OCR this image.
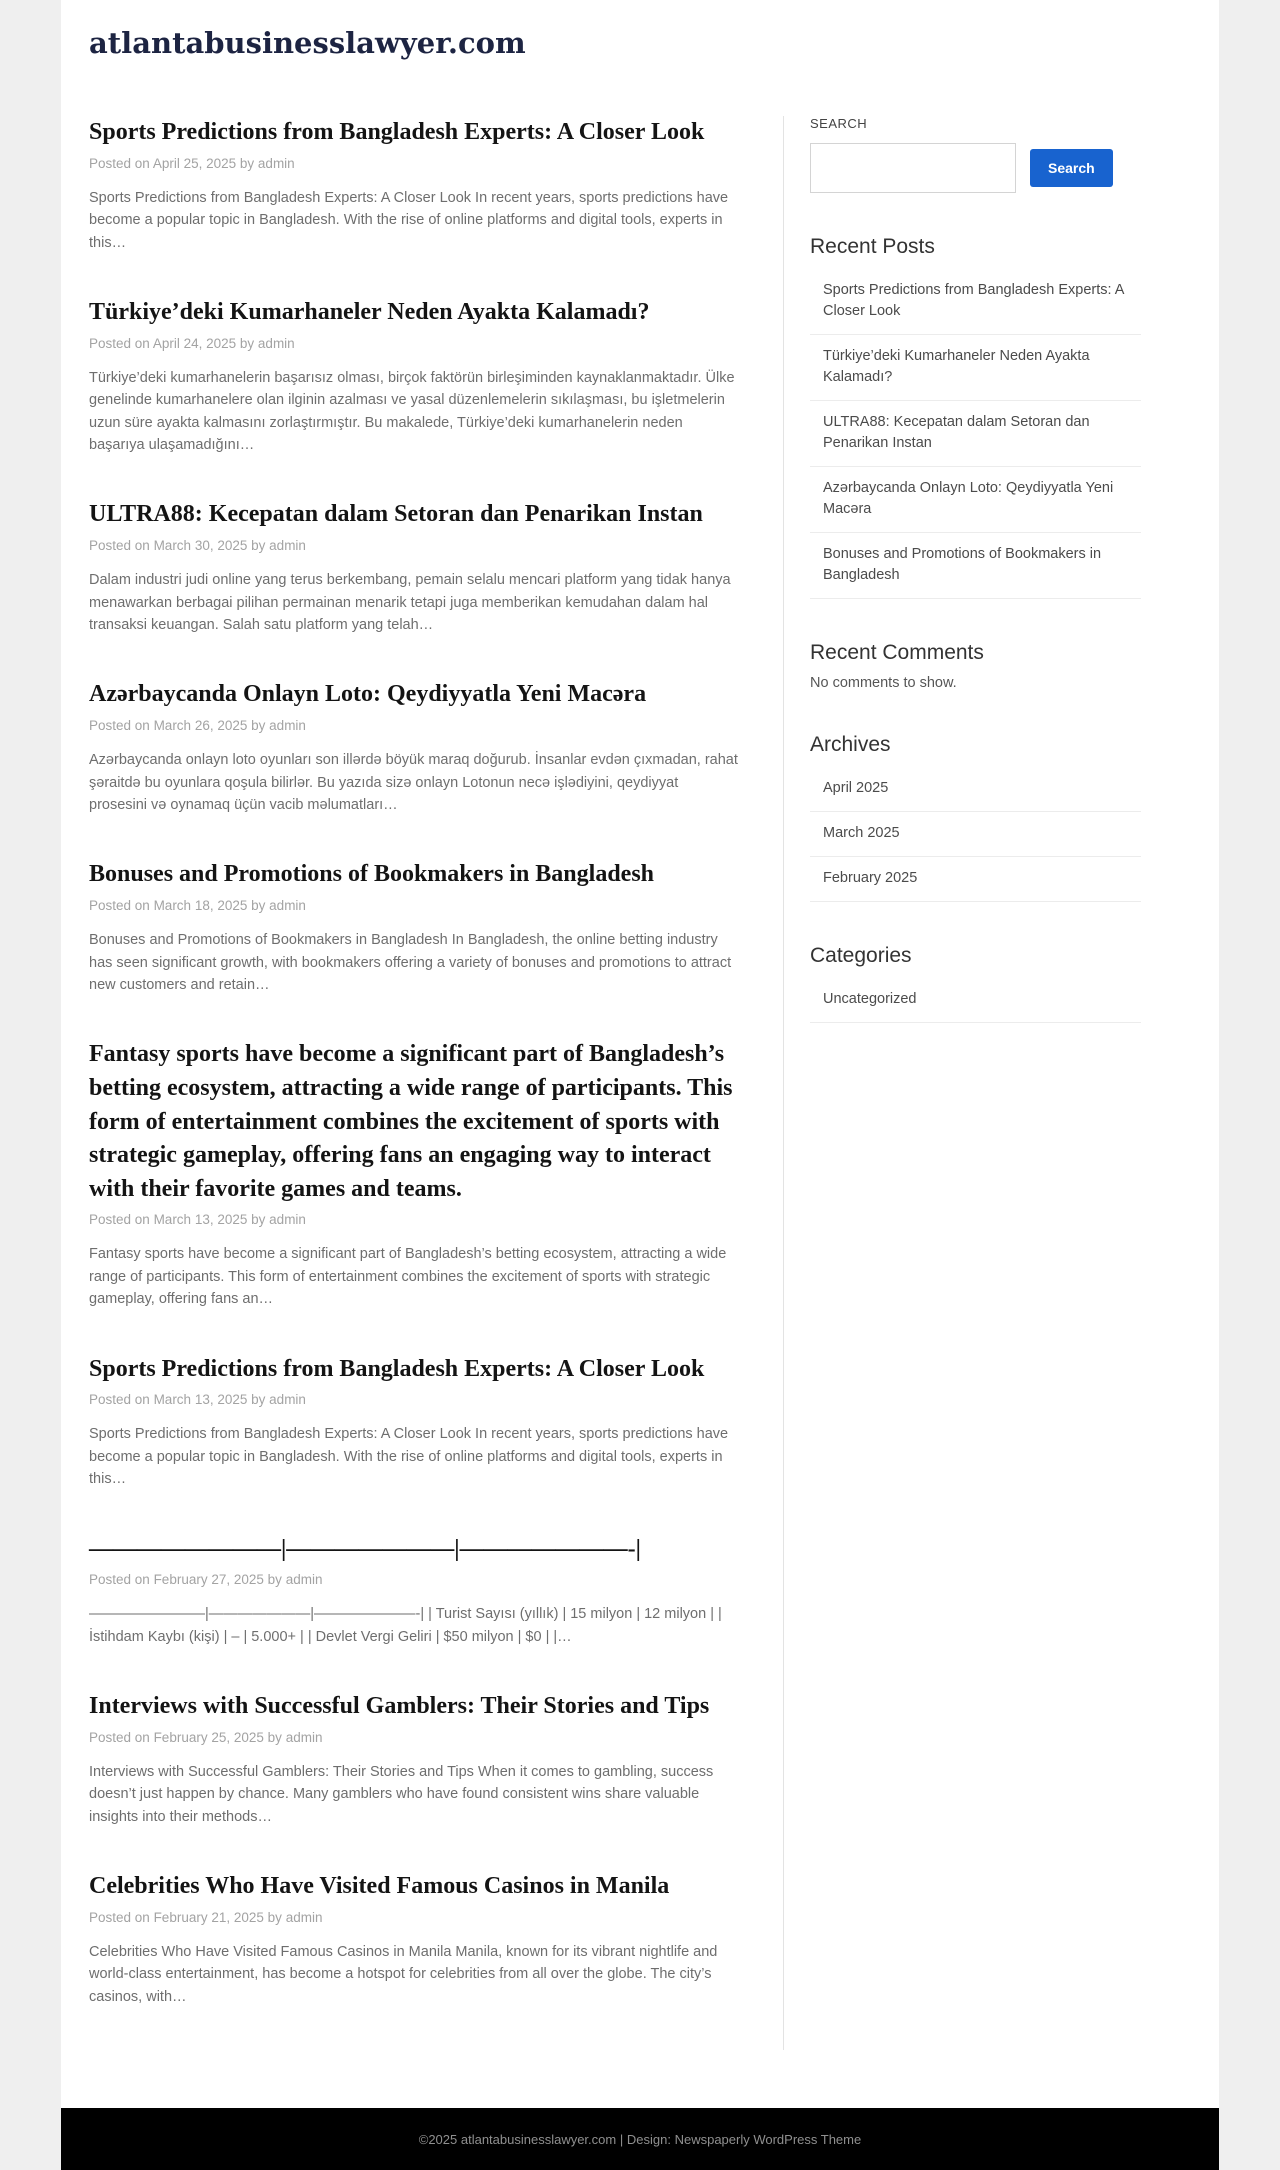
atlantabusinesslawyer.com
Sports Predictions from Bangladesh Experts: A Closer Look
Posted on April 25, 2025 by admin

Sports Predictions from Bangladesh Experts: A Closer Look In recent years, sports predictions have become a popular topic in Bangladesh. With the rise of online platforms and digital tools, experts in this…

Türkiye’deki Kumarhaneler Neden Ayakta Kalamadı?
Posted on April 24, 2025 by admin

Türkiye’deki kumarhanelerin başarısız olması, birçok faktörün birleşiminden kaynaklanmaktadır. Ülke genelinde kumarhanelere olan ilginin azalması ve yasal düzenlemelerin sıkılaşması, bu işletmelerin uzun süre ayakta kalmasını zorlaştırmıştır. Bu makalede, Türkiye’deki kumarhanelerin neden başarıya ulaşamadığını…

ULTRA88: Kecepatan dalam Setoran dan Penarikan Instan
Posted on March 30, 2025 by admin

Dalam industri judi online yang terus berkembang, pemain selalu mencari platform yang tidak hanya menawarkan berbagai pilihan permainan menarik tetapi juga memberikan kemudahan dalam hal transaksi keuangan. Salah satu platform yang telah…

Azərbaycanda Onlayn Loto: Qeydiyyatla Yeni Macəra
Posted on March 26, 2025 by admin

Azərbaycanda onlayn loto oyunları son illərdə böyük maraq doğurub. İnsanlar evdən çıxmadan, rahat şəraitdə bu oyunlara qoşula bilirlər. Bu yazıda sizə onlayn Lotonun necə işlədiyini, qeydiyyat prosesini və oynamaq üçün vacib məlumatları…

Bonuses and Promotions of Bookmakers in Bangladesh
Posted on March 18, 2025 by admin

Bonuses and Promotions of Bookmakers in Bangladesh In Bangladesh, the online betting industry has seen significant growth, with bookmakers offering a variety of bonuses and promotions to attract new customers and retain…

Fantasy sports have become a significant part of Bangladesh’s betting ecosystem, attracting a wide range of participants. This form of entertainment combines the excitement of sports with strategic gameplay, offering fans an engaging way to interact with their favorite games and teams.
Posted on March 13, 2025 by admin

Fantasy sports have become a significant part of Bangladesh’s betting ecosystem, attracting a wide range of participants. This form of entertainment combines the excitement of sports with strategic gameplay, offering fans an…

Sports Predictions from Bangladesh Experts: A Closer Look
Posted on March 13, 2025 by admin

Sports Predictions from Bangladesh Experts: A Closer Look In recent years, sports predictions have become a popular topic in Bangladesh. With the rise of online platforms and digital tools, experts in this…

————————|———————|———————-|
Posted on February 27, 2025 by admin

————————|———————|———————-| | Turist Sayısı (yıllık) | 15 milyon | 12 milyon | | İstihdam Kaybı (kişi) | – | 5.000+ | | Devlet Vergi Geliri | $50 milyon | $0 | |…

Interviews with Successful Gamblers: Their Stories and Tips
Posted on February 25, 2025 by admin

Interviews with Successful Gamblers: Their Stories and Tips When it comes to gambling, success doesn’t just happen by chance. Many gamblers who have found consistent wins share valuable insights into their methods…

Celebrities Who Have Visited Famous Casinos in Manila
Posted on February 21, 2025 by admin

Celebrities Who Have Visited Famous Casinos in Manila Manila, known for its vibrant nightlife and world-class entertainment, has become a hotspot for celebrities from all over the globe. The city’s casinos, with…

SEARCH
Search
Recent Posts
Sports Predictions from Bangladesh Experts: A Closer Look
Türkiye’deki Kumarhaneler Neden Ayakta Kalamadı?
ULTRA88: Kecepatan dalam Setoran dan Penarikan Instan
Azərbaycanda Onlayn Loto: Qeydiyyatla Yeni Macəra
Bonuses and Promotions of Bookmakers in Bangladesh
Recent Comments

No comments to show.

Archives
April 2025
March 2025
February 2025
Categories
Uncategorized
©2025 atlantabusinesslawyer.com | Design: Newspaperly WordPress Theme
